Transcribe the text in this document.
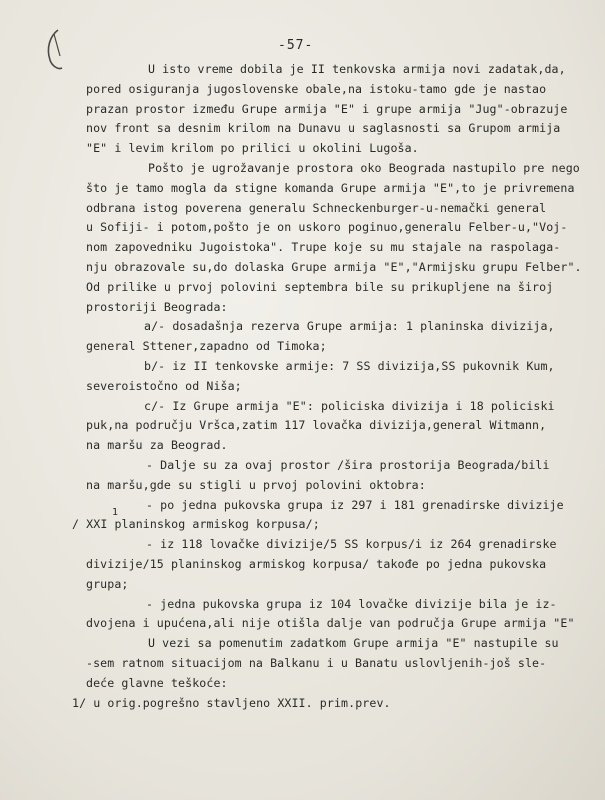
-57-
U isto vreme dobila je II tenkovska armija novi zadatak,da,
pored osiguranja jugoslovenske obale,na istoku-tamo gde je nastao
prazan prostor između Grupe armija "E" i grupe armija "Jug"-obrazuje
nov front sa desnim krilom na Dunavu u saglasnosti sa Grupom armija
"E" i levim krilom po prilici u okolini Lugoša.
Pošto je ugrožavanje prostora oko Beograda nastupilo pre nego
što je tamo mogla da stigne komanda Grupe armija "E",to je privremena
odbrana istog poverena generalu Schneckenburger-u-nemački general
u Sofiji- i potom,pošto je on uskoro poginuo,generalu Felber-u,"Voj-
nom zapovedniku Jugoistoka". Trupe koje su mu stajale na raspolaga-
nju obrazovale su,do dolaska Grupe armija "E","Armijsku grupu Felber".
Od prilike u prvoj polovini septembra bile su prikupljene na široj
prostoriji Beograda:
a/- dosadašnja rezerva Grupe armija: 1 planinska divizija,
general Sttener,zapadno od Timoka;
b/- iz II tenkovske armije: 7 SS divizija,SS pukovnik Kum,
severoistočno od Niša;
c/- Iz Grupe armija "E": policiska divizija i 18 policiski
puk,na području Vršca,zatim 117 lovačka divizija,general Witmann,
na maršu za Beograd.
- Dalje su za ovaj prostor /šira prostorija Beograda/bili
na maršu,gde su stigli u prvoj polovini oktobra:
- po jedna pukovska grupa iz 297 i 181 grenadirske divizije
/ XXI planinskog armiskog korpusa/;
- iz 118 lovačke divizije/5 SS korpus/i iz 264 grenadirske
divizije/15 planinskog armiskog korpusa/ takođe po jedna pukovska
grupa;
- jedna pukovska grupa iz 104 lovačke divizije bila je iz-
dvojena i upućena,ali nije otišla dalje van područja Grupe armija "E"
U vezi sa pomenutim zadatkom Grupe armija "E" nastupile su
-sem ratnom situacijom na Balkanu i u Banatu uslovljenih-još sle-
deće glavne teškoće:
1/ u orig.pogrešno stavljeno XXII. prim.prev.
1
